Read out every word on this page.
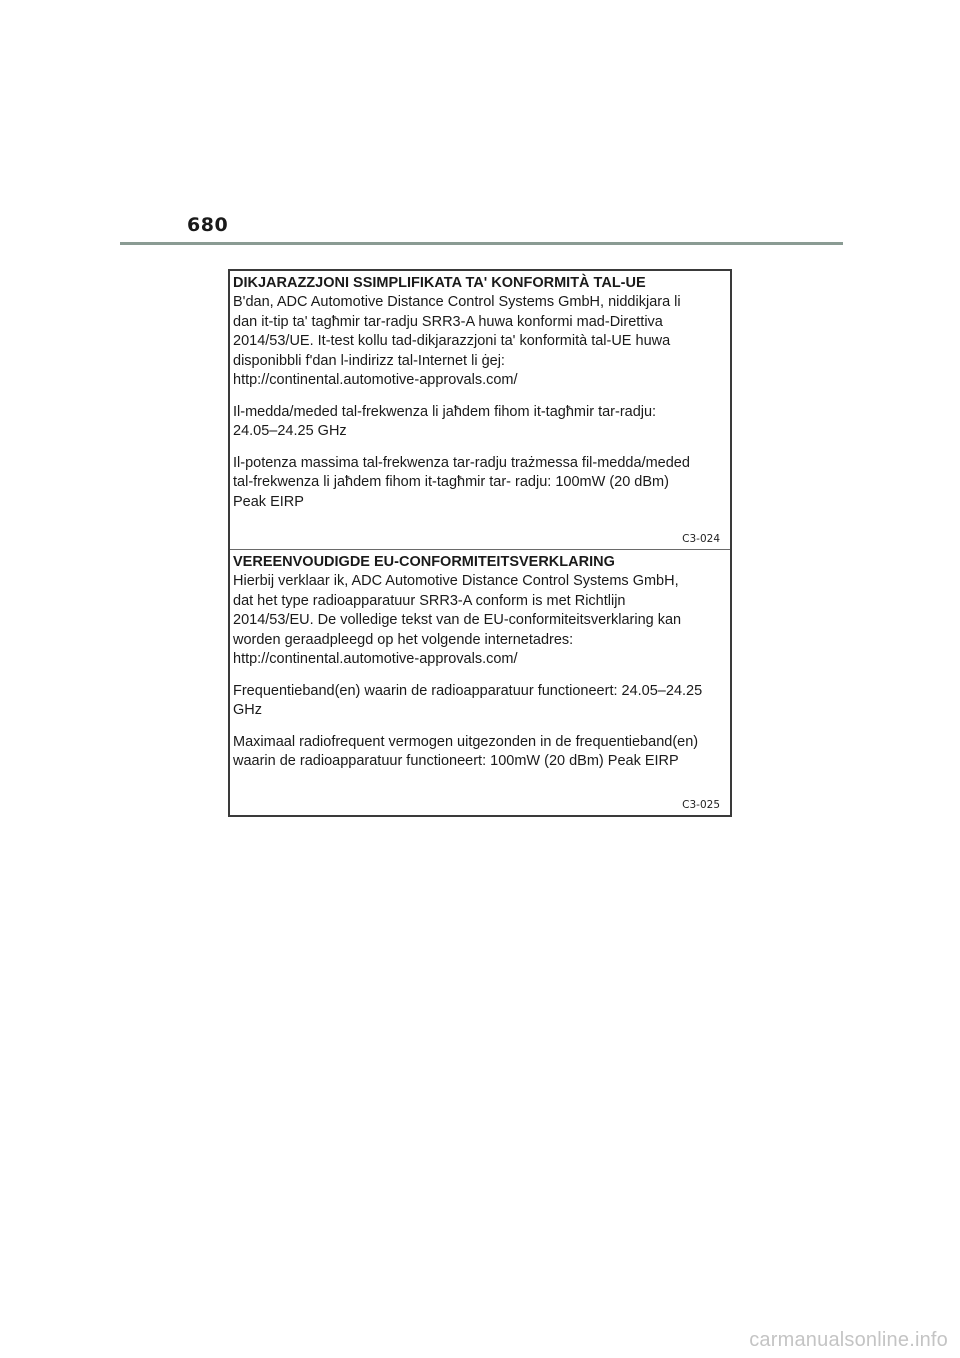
680

DIKJARAZZJONI SSIMPLIFIKATA TA' KONFORMITÀ TAL-UE

B'dan, ADC Automotive Distance Control Systems GmbH, niddikjara li
dan it-tip ta' tagħmir tar-radju SRR3-A huwa konformi mad-Direttiva
2014/53/UE. It-test kollu tad-dikjarazzjoni ta' konformità tal-UE huwa
disponibbli f'dan l-indirizz tal-Internet li ġej:
http://continental.automotive-approvals.com/

Il-medda/meded tal-frekwenza li jaħdem fihom it-tagħmir tar-radju:
24.05–24.25 GHz

Il-potenza massima tal-frekwenza tar-radju trażmessa fil-medda/meded
tal-frekwenza li jaħdem fihom it-tagħmir tar- radju: 100mW (20 dBm)
Peak EIRP

C3-024

VEREENVOUDIGDE EU-CONFORMITEITSVERKLARING

Hierbij verklaar ik, ADC Automotive Distance Control Systems GmbH,
dat het type radioapparatuur SRR3-A conform is met Richtlijn
2014/53/EU. De volledige tekst van de EU-conformiteitsverklaring kan
worden geraadpleegd op het volgende internetadres:
http://continental.automotive-approvals.com/

Frequentieband(en) waarin de radioapparatuur functioneert: 24.05–24.25
GHz

Maximaal radiofrequent vermogen uitgezonden in de frequentieband(en)
waarin de radioapparatuur functioneert: 100mW (20 dBm) Peak EIRP

C3-025
carmanualsonline.info
